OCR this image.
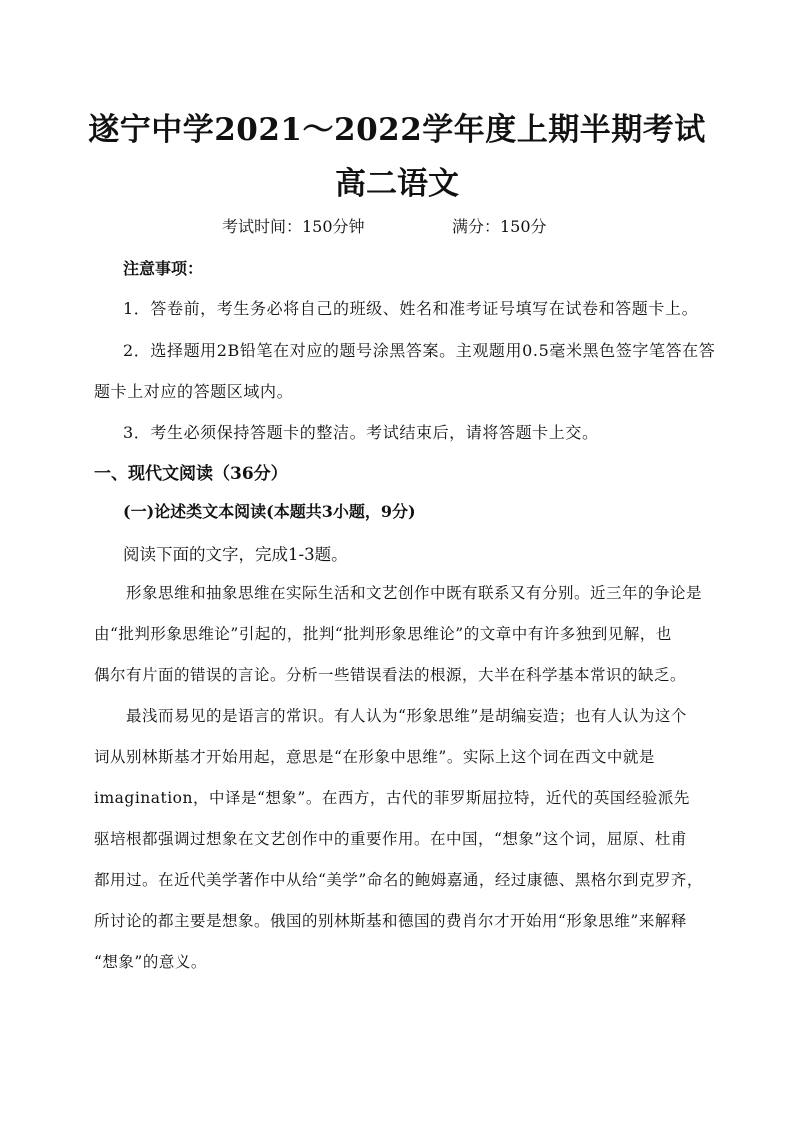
遂宁中学2021～2022学年度上期半期考试
高二语文
考试时间：150分钟	满分：150分
注意事项：
1．答卷前，考生务必将自己的班级、姓名和准考证号填写在试卷和答题卡上。
2．选择题用2B铅笔在对应的题号涂黑答案。主观题用0.5毫米黑色签字笔答在答
题卡上对应的答题区域内。
3．考生必须保持答题卡的整洁。考试结束后，请将答题卡上交。
一、现代文阅读（36分）
(一)论述类文本阅读(本题共3小题，9分)
阅读下面的文字，完成1-3题。
形象思维和抽象思维在实际生活和文艺创作中既有联系又有分别。近三年的争论是
由“批判形象思维论”引起的，批判“批判形象思维论”的文章中有许多独到见解，也
偶尔有片面的错误的言论。分析一些错误看法的根源，大半在科学基本常识的缺乏。
最浅而易见的是语言的常识。有人认为“形象思维”是胡编妄造；也有人认为这个
词从别林斯基才开始用起，意思是“在形象中思维”。实际上这个词在西文中就是
imagination，中译是“想象”。在西方，古代的菲罗斯屈拉特，近代的英国经验派先
驱培根都强调过想象在文艺创作中的重要作用。在中国，“想象”这个词，屈原、杜甫
都用过。在近代美学著作中从给“美学”命名的鲍姆嘉通，经过康德、黑格尔到克罗齐，
所讨论的都主要是想象。俄国的别林斯基和德国的费肖尔才开始用“形象思维”来解释
“想象”的意义。
